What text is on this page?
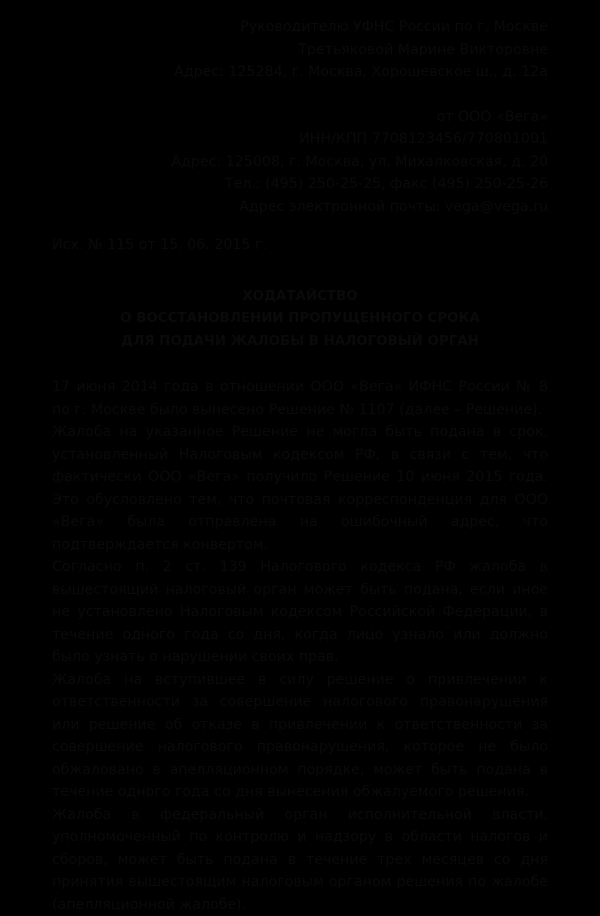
Руководителю УФНС России по г. Москве
Третьяковой Марине Викторовне
Адрес: 125284, г. Москва, Хорошевское ш., д. 12а
от ООО «Вега»
ИНН/КПП 7708123456/770801001
Адрес: 125008, г. Москва, ул. Михалковская, д. 20
Тел.: (495) 250-25-25, факс (495) 250-25-26
Адрес электронной почты: vega@vega.ru
Исх. № 115 от 15. 06. 2015 г.
ХОДАТАЙСТВО
О ВОССТАНОВЛЕНИИ ПРОПУЩЕННОГО СРОКА
ДЛЯ ПОДАЧИ ЖАЛОБЫ В НАЛОГОВЫЙ ОРГАН

17 июня 2014 года в отношении ООО «Вега» ИФНС России № 8 по г. Москве было вынесено Решение № 1107 (далее – Решение).

Жалоба на указанное Решение не могла быть подана в срок, установленный Налоговым кодексом РФ, в связи с тем, что фактически ООО «Вега» получило Решение 10 июня 2015 года. Это обусловлено тем, что почтовая корреспонденция для ООО «Вега» была отправлена на ошибочный адрес, что подтверждается конвертом.

Согласно п. 2 ст. 139 Налогового кодекса РФ жалоба в вышестоящий налоговый орган может быть подана, если иное не установлено Налоговым кодексом Российской Федерации, в течение одного года со дня, когда лицо узнало или должно было узнать о нарушении своих прав.

Жалоба на вступившее в силу решение о привлечении к ответственности за совершение налогового правонарушения или решение об отказе в привлечении к ответственности за совершение налогового правонарушения, которое не было обжаловано в апелляционном порядке, может быть подана в течение одного года со дня вынесения обжалуемого решения.

Жалоба в федеральный орган исполнительной власти, уполномоченный по контролю и надзору в области налогов и сборов, может быть подана в течение трех месяцев со дня принятия вышестоящим налоговым органом решения по жалобе (апелляционной жалобе).
